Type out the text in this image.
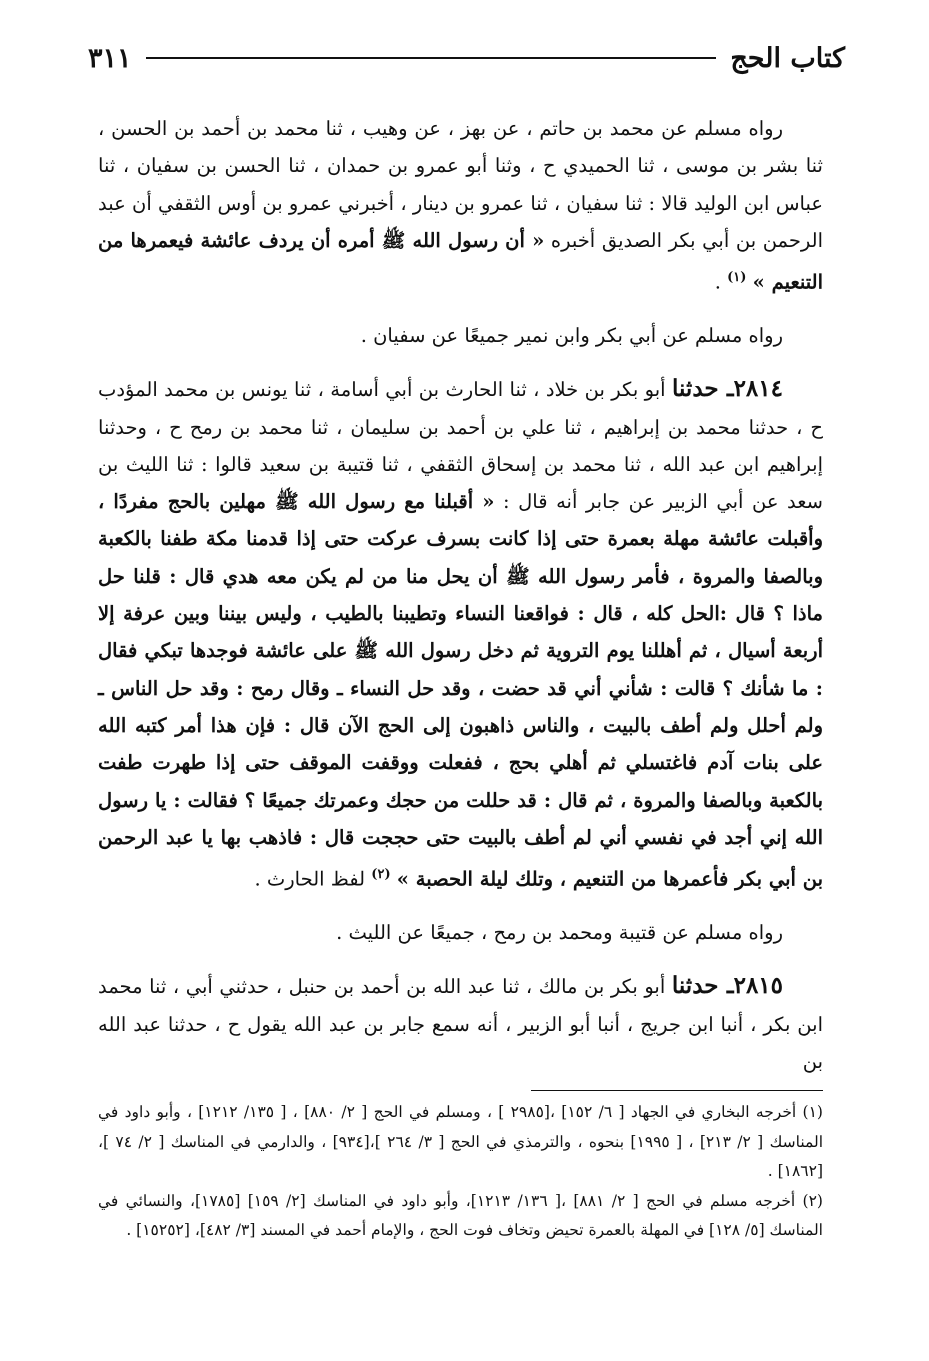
كتاب الحج
٣١١

رواه مسلم عن محمد بن حاتم ، عن بهز ، عن وهيب ، ثنا محمد بن أحمد بن الحسن ، ثنا بشر بن موسى ، ثنا الحميدي ح ، وثنا أبو عمرو بن حمدان ، ثنا الحسن بن سفيان ، ثنا عباس ابن الوليد قالا : ثنا سفيان ، ثنا عمرو بن دينار ، أخبرني عمرو بن أوس الثقفي أن عبد الرحمن بن أبي بكر الصديق أخبره « أن رسول الله ﷺ أمره أن يردف عائشة فيعمرها من التنعيم » $^{(١)}$ .

رواه مسلم عن أبي بكر وابن نمير جميعًا عن سفيان .

٢٨١٤ـ حدثنا أبو بكر بن خلاد ، ثنا الحارث بن أبي أسامة ، ثنا يونس بن محمد المؤدب ح ، حدثنا محمد بن إبراهيم ، ثنا علي بن أحمد بن سليمان ، ثنا محمد بن رمح ح ، وحدثنا إبراهيم ابن عبد الله ، ثنا محمد بن إسحاق الثقفي ، ثنا قتيبة بن سعيد قالوا : ثنا الليث بن سعد عن أبي الزبير عن جابر أنه قال : « أقبلنا مع رسول الله ﷺ مهلين بالحج مفردًا ، وأقبلت عائشة مهلة بعمرة حتى إذا كانت بسرف عركت حتى إذا قدمنا مكة طفنا بالكعبة وبالصفا والمروة ، فأمر رسول الله ﷺ أن يحل منا من لم يكن معه هدي قال : قلنا حل ماذا ؟ قال :الحل كله ، قال : فواقعنا النساء وتطيبنا بالطيب ، وليس بيننا وبين عرفة إلا أربعة أسيال ، ثم أهللنا يوم التروية ثم دخل رسول الله ﷺ على عائشة فوجدها تبكي فقال : ما شأنك ؟ قالت : شأني أني قد حضت ، وقد حل النساء ـ وقال رمح : وقد حل الناس ـ ولم أحلل ولم أطف بالبيت ، والناس ذاهبون إلى الحج الآن قال : فإن هذا أمر كتبه الله على بنات آدم فاغتسلي ثم أهلي بحج ، ففعلت ووقفت الموقف حتى إذا طهرت طفت بالكعبة وبالصفا والمروة ، ثم قال : قد حللت من حجك وعمرتك جميعًا ؟ فقالت : يا رسول الله إني أجد في نفسي أني لم أطف بالبيت حتى حججت قال : فاذهب بها يا عبد الرحمن بن أبي بكر فأعمرها من التنعيم ، وتلك ليلة الحصبة » $^{(٢)}$ لفظ الحارث .

رواه مسلم عن قتيبة ومحمد بن رمح ، جميعًا عن الليث .

٢٨١٥ـ حدثنا أبو بكر بن مالك ، ثنا عبد الله بن أحمد بن حنبل ، حدثني أبي ، ثنا محمد ابن بكر ، أنبا ابن جريج ، أنبا أبو الزبير ، أنه سمع جابر بن عبد الله يقول ح ، حدثنا عبد الله بن

(١) أخرجه البخاري في الجهاد [ ٦/ ١٥٢] ،[٢٩٨٥ ] ، ومسلم في الحج [ ٢/ ٨٨٠] ، [ ١٣٥/ ١٢١٢] ، وأبو داود في المناسك [ ٢/ ٢١٣] ، [ ١٩٩٥] بنحوه ، والترمذي في الحج [ ٣/ ٢٦٤ ]،[٩٣٤] ، والدارمي في المناسك [ ٢/ ٧٤ ]، [١٨٦٢] .

(٢) أخرجه مسلم في الحج [ ٢/ ٨٨١] ،[ ١٣٦/ ١٢١٣]، وأبو داود في المناسك [٢/ ١٥٩] [١٧٨٥]، والنسائي في المناسك [٥/ ١٢٨] في المهلة بالعمرة تحيض وتخاف فوت الحج ، والإمام أحمد في المسند [٣/ ٤٨٢]، [١٥٢٥٢] .
